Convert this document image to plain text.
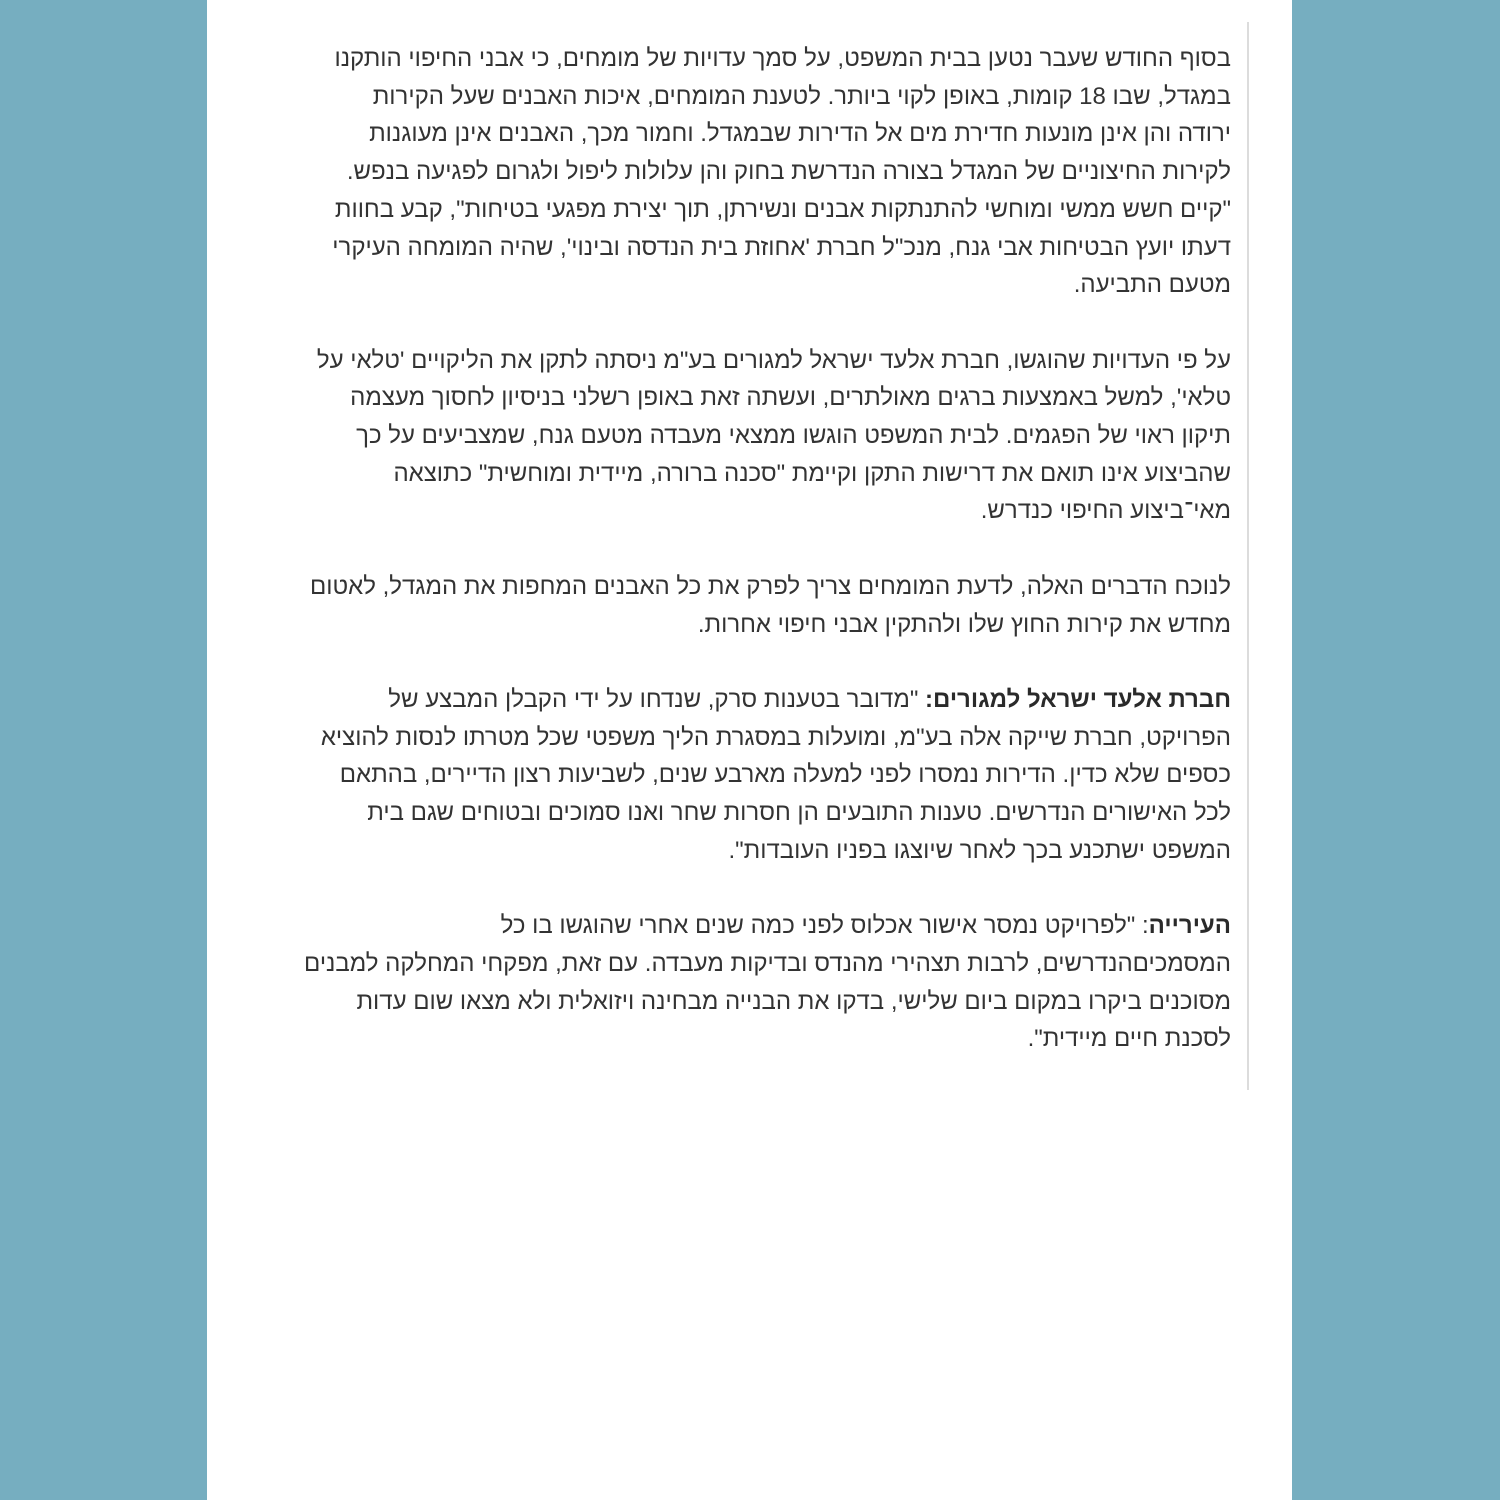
בסוף החודש שעבר נטען בבית המשפט, על סמך עדויות של מומחים, כי אבני החיפוי הותקנו במגדל, שבו 18 קומות, באופן לקוי ביותר. לטענת המומחים, איכות האבנים שעל הקירות ירודה והן אינן מונעות חדירת מים אל הדירות שבמגדל. וחמור מכך, האבנים אינן מעוגנות לקירות החיצוניים של המגדל בצורה הנדרשת בחוק והן עלולות ליפול ולגרום לפגיעה בנפש. "קיים חשש ממשי ומוחשי להתנתקות אבנים ונשירתן, תוך יצירת מפגעי בטיחות", קבע בחוות דעתו יועץ הבטיחות אבי גנח, מנכ"ל חברת 'אחוזת בית הנדסה ובינוי', שהיה המומחה העיקרי מטעם התביעה.

על פי העדויות שהוגשו, חברת אלעד ישראל למגורים בע"מ ניסתה לתקן את הליקויים 'טלאי על טלאי', למשל באמצעות ברגים מאולתרים, ועשתה זאת באופן רשלני בניסיון לחסוך מעצמה תיקון ראוי של הפגמים. לבית המשפט הוגשו ממצאי מעבדה מטעם גנח, שמצביעים על כך שהביצוע אינו תואם את דרישות התקן וקיימת "סכנה ברורה, מיידית ומוחשית" כתוצאה מאי־ביצוע החיפוי כנדרש.

לנוכח הדברים האלה, לדעת המומחים צריך לפרק את כל האבנים המחפות את המגדל, לאטום מחדש את קירות החוץ שלו ולהתקין אבני חיפוי אחרות.

חברת אלעד ישראל למגורים: "מדובר בטענות סרק, שנדחו על ידי הקבלן המבצע של הפרויקט, חברת שייקה אלה בע"מ, ומועלות במסגרת הליך משפטי שכל מטרתו לנסות להוציא כספים שלא כדין. הדירות נמסרו לפני למעלה מארבע שנים, לשביעות רצון הדיירים, בהתאם לכל האישורים הנדרשים. טענות התובעים הן חסרות שחר ואנו סמוכים ובטוחים שגם בית המשפט ישתכנע בכך לאחר שיוצגו בפניו העובדות".

העירייה: "לפרויקט נמסר אישור אכלוס לפני כמה שנים אחרי שהוגשו בו כל המסמכיםהנדרשים, לרבות תצהירי מהנדס ובדיקות מעבדה. עם זאת, מפקחי המחלקה למבנים מסוכנים ביקרו במקום ביום שלישי, בדקו את הבנייה מבחינה ויזואלית ולא מצאו שום עדות לסכנת חיים מיידית".
